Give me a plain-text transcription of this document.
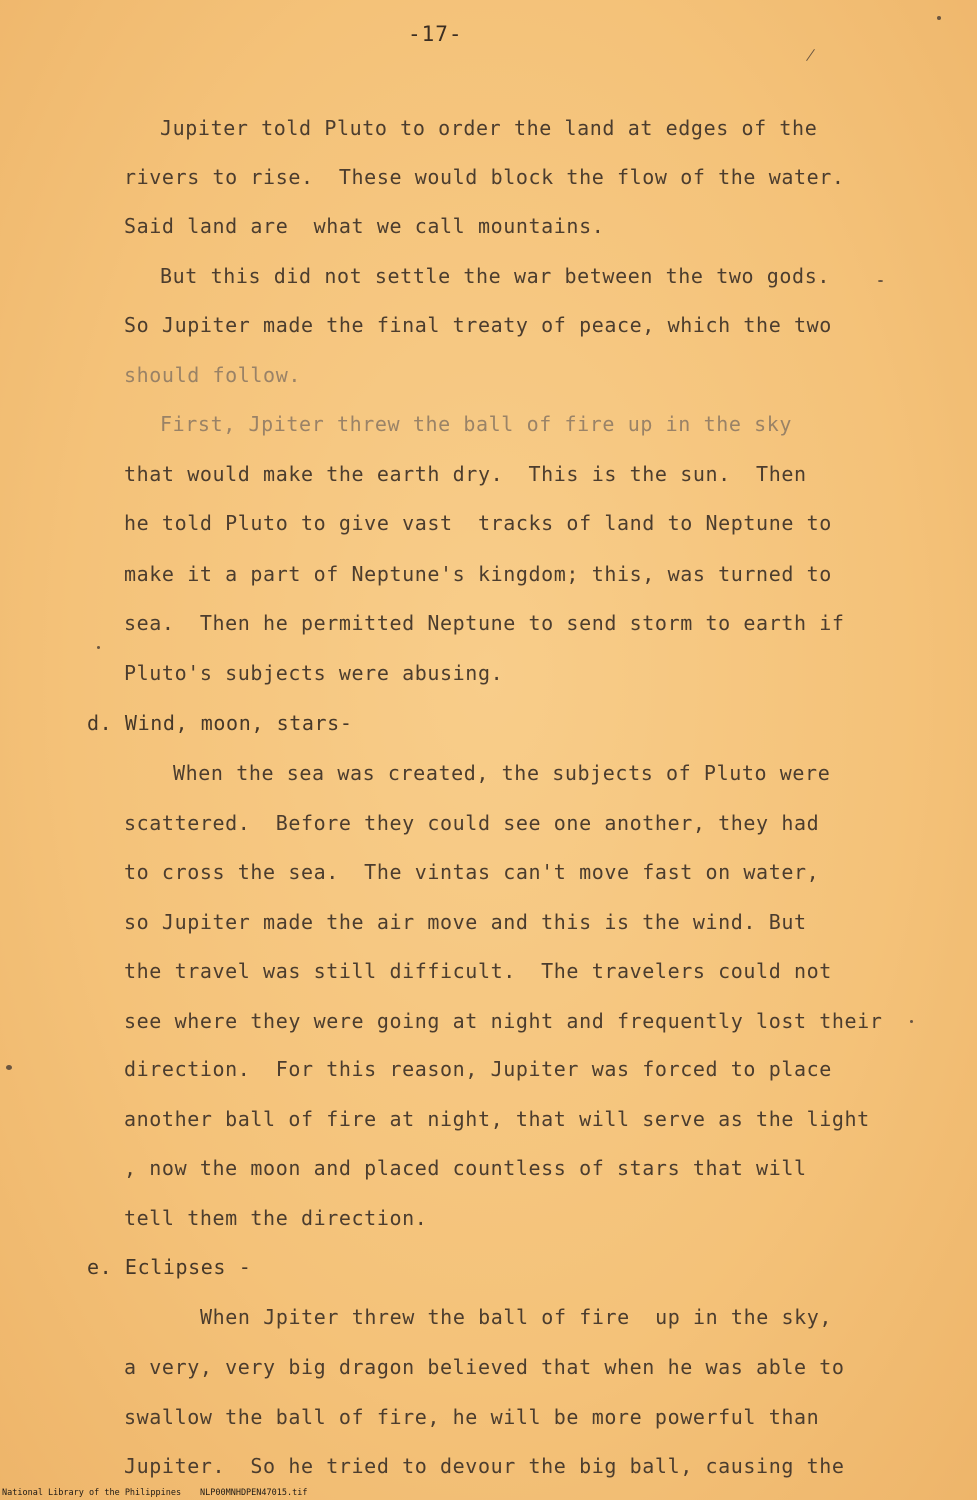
-17-
Jupiter told Pluto to order the land at edges of the
rivers to rise.  These would block the flow of the water.
Said land are  what we call mountains.
But this did not settle the war between the two gods.
So Jupiter made the final treaty of peace, which the two
should follow.
First, Jpiter threw the ball of fire up in the sky
that would make the earth dry.  This is the sun.  Then
he told Pluto to give vast  tracks of land to Neptune to
make it a part of Neptune's kingdom; this, was turned to
sea.  Then he permitted Neptune to send storm to earth if
Pluto's subjects were abusing.
d. Wind, moon, stars-
When the sea was created, the subjects of Pluto were
scattered.  Before they could see one another, they had
to cross the sea.  The vintas can't move fast on water,
so Jupiter made the air move and this is the wind. But
the travel was still difficult.  The travelers could not
see where they were going at night and frequently lost their
direction.  For this reason, Jupiter was forced to place
another ball of fire at night, that will serve as the light
, now the moon and placed countless of stars that will
tell them the direction.
e. Eclipses -
When Jpiter threw the ball of fire  up in the sky,
a very, very big dragon believed that when he was able to
swallow the ball of fire, he will be more powerful than
Jupiter.  So he tried to devour the big ball, causing the
National Library of the Philippines NLP00MNHDPEN47015.tif
